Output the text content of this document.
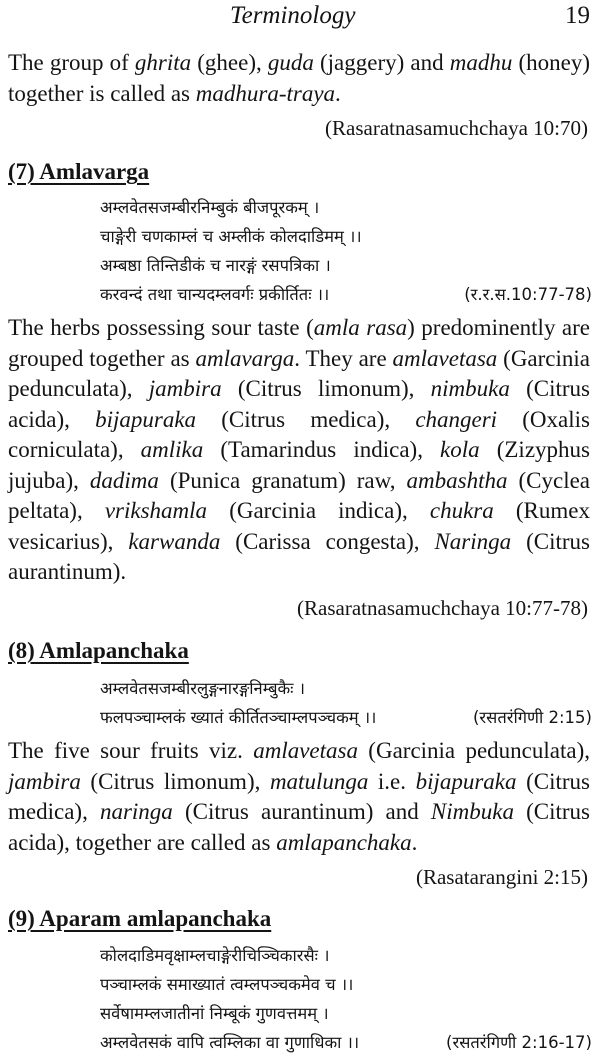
Terminology	19

The group of ghrita (ghee), guda (jaggery) and madhu (honey) together is called as madhura-traya.

(Rasaratnasamuchchaya 10:70)
(7) Amlavarga
अम्लवेतसजम्बीरनिम्बुकं बीजपूरकम् ।
चाङ्गेरी चणकाम्लं च अम्लीकं कोलदाडिमम् ।।
अम्बष्ठा तिन्तिडीकं च नारङ्गं रसपत्रिका ।
करवन्दं तथा चान्यदम्लवर्गः प्रकीर्तितः ।।	(र.र.स.10:77-78)

The herbs possessing sour taste (amla rasa) predominently are grouped together as amlavarga. They are amlavetasa (Garcinia pedunculata), jambira (Citrus limonum), nimbuka (Citrus acida), bijapuraka (Citrus medica), changeri (Oxalis corniculata), amlika (Tamarindus indica), kola (Zizyphus jujuba), dadima (Punica granatum) raw, ambashtha (Cyclea peltata), vrikshamla (Garcinia indica), chukra (Rumex vesicarius), karwanda (Carissa congesta), Naringa (Citrus aurantinum).

(Rasaratnasamuchchaya 10:77-78)
(8) Amlapanchaka
अम्लवेतसजम्बीरलुङ्गनारङ्गनिम्बुकैः ।
फलपञ्चाम्लकं ख्यातं कीर्तितञ्चाम्लपञ्चकम् ।।	(रसतरंगिणी 2:15)

The five sour fruits viz. amlavetasa (Garcinia pedunculata), jambira (Citrus limonum), matulunga i.e. bijapuraka (Citrus medica), naringa (Citrus aurantinum) and Nimbuka (Citrus acida), together are called as amlapanchaka.

(Rasatarangini 2:15)
(9) Aparam amlapanchaka
कोलदाडिमवृक्षाम्लचाङ्गेरीचिञ्चिकारसैः ।
पञ्चाम्लकं समाख्यातं त्वम्लपञ्चकमेव च ।।
सर्वेषामम्लजातीनां निम्बूकं गुणवत्तमम् ।
अम्लवेतसकं वापि त्वम्लिका वा गुणाधिका ।।	(रसतरंगिणी 2:16-17)
